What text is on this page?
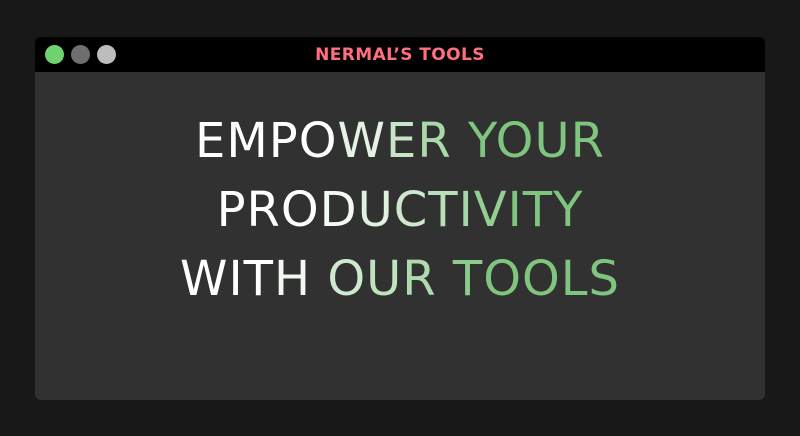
NERMAL’S TOOLS
EMPOWER YOUR
PRODUCTIVITY
WITH OUR TOOLS
